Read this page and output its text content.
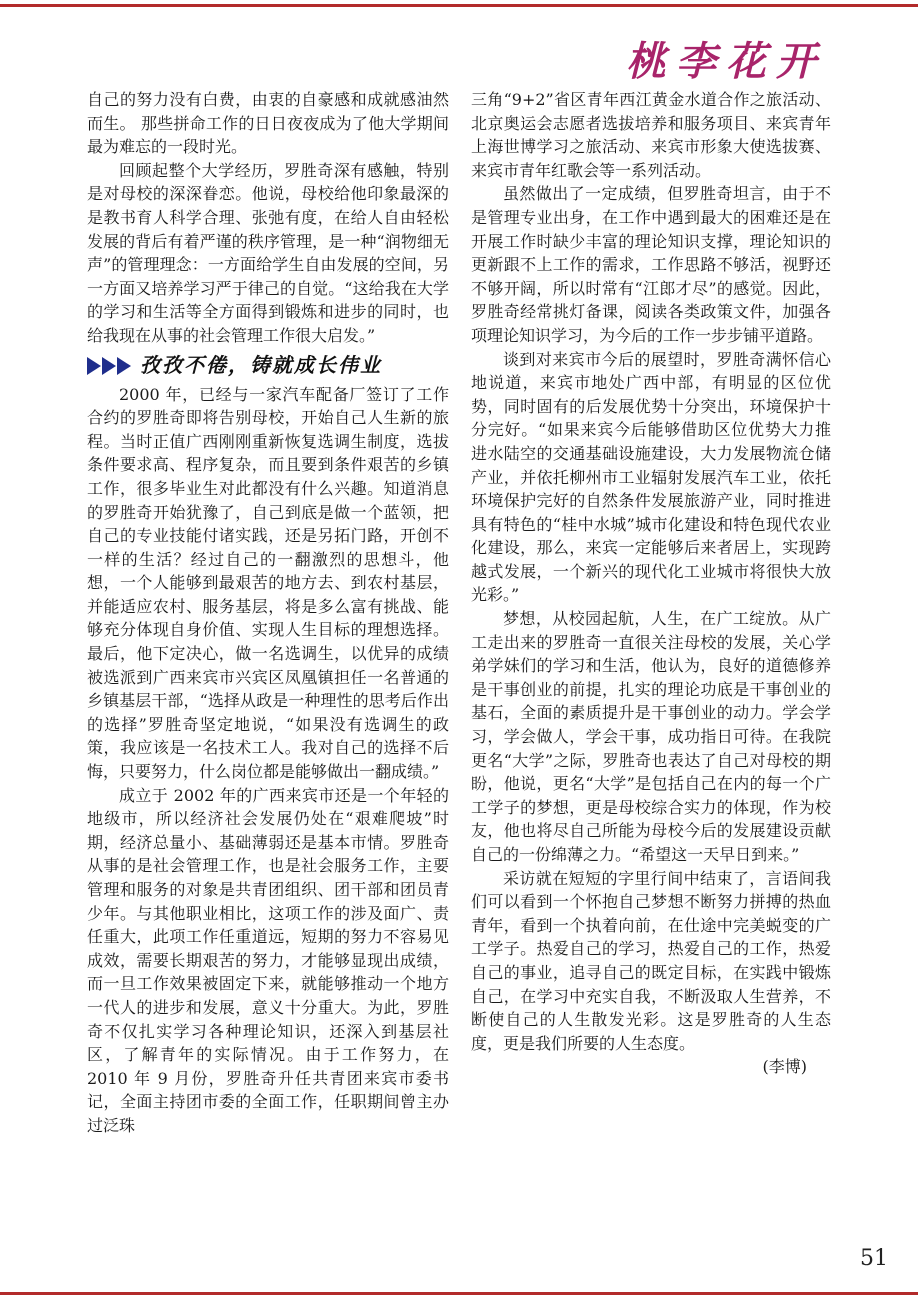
桃李花开

自己的努力没有白费，由衷的自豪感和成就感油然而生。 那些拼命工作的日日夜夜成为了他大学期间最为难忘的一段时光。

回顾起整个大学经历，罗胜奇深有感触，特别是对母校的深深眷恋。他说，母校给他印象最深的是教书育人科学合理、张弛有度，在给人自由轻松发展的背后有着严谨的秩序管理，是一种“润物细无声”的管理理念：一方面给学生自由发展的空间，另一方面又培养学习严于律己的自觉。“这给我在大学的学习和生活等全方面得到锻炼和进步的同时，也给我现在从事的社会管理工作很大启发。”

孜孜不倦，铸就成长伟业

2000 年，已经与一家汽车配备厂签订了工作合约的罗胜奇即将告别母校，开始自己人生新的旅程。当时正值广西刚刚重新恢复选调生制度，选拔条件要求高、程序复杂，而且要到条件艰苦的乡镇工作，很多毕业生对此都没有什么兴趣。知道消息的罗胜奇开始犹豫了，自己到底是做一个蓝领，把自己的专业技能付诸实践，还是另拓门路，开创不一样的生活？经过自己的一翻激烈的思想斗，他想，一个人能够到最艰苦的地方去、到农村基层，并能适应农村、服务基层，将是多么富有挑战、能够充分体现自身价值、实现人生目标的理想选择。最后，他下定决心，做一名选调生，以优异的成绩被选派到广西来宾市兴宾区凤凰镇担任一名普通的乡镇基层干部，“选择从政是一种理性的思考后作出的选择”罗胜奇坚定地说，“如果没有选调生的政策，我应该是一名技术工人。我对自己的选择不后悔，只要努力，什么岗位都是能够做出一翻成绩。”

成立于 2002 年的广西来宾市还是一个年轻的地级市，所以经济社会发展仍处在“艰难爬坡”时期，经济总量小、基础薄弱还是基本市情。罗胜奇从事的是社会管理工作，也是社会服务工作，主要管理和服务的对象是共青团组织、团干部和团员青少年。与其他职业相比，这项工作的涉及面广、责任重大，此项工作任重道远，短期的努力不容易见成效，需要长期艰苦的努力，才能够显现出成绩，而一旦工作效果被固定下来，就能够推动一个地方一代人的进步和发展，意义十分重大。为此，罗胜奇不仅扎实学习各种理论知识，还深入到基层社区，了解青年的实际情况。由于工作努力，在 2010 年 9 月份，罗胜奇升任共青团来宾市委书记，全面主持团市委的全面工作，任职期间曾主办过泛珠

三角“9+2”省区青年西江黄金水道合作之旅活动、北京奥运会志愿者选拔培养和服务项目、来宾青年上海世博学习之旅活动、来宾市形象大使选拔赛、来宾市青年红歌会等一系列活动。

虽然做出了一定成绩，但罗胜奇坦言，由于不是管理专业出身，在工作中遇到最大的困难还是在开展工作时缺少丰富的理论知识支撑，理论知识的更新跟不上工作的需求，工作思路不够活，视野还不够开阔，所以时常有“江郎才尽”的感觉。因此，罗胜奇经常挑灯备课，阅读各类政策文件，加强各项理论知识学习，为今后的工作一步步铺平道路。

谈到对来宾市今后的展望时，罗胜奇满怀信心地说道，来宾市地处广西中部，有明显的区位优势，同时固有的后发展优势十分突出，环境保护十分完好。“如果来宾今后能够借助区位优势大力推进水陆空的交通基础设施建设，大力发展物流仓储产业，并依托柳州市工业辐射发展汽车工业，依托环境保护完好的自然条件发展旅游产业，同时推进具有特色的“桂中水城”城市化建设和特色现代农业化建设，那么，来宾一定能够后来者居上，实现跨越式发展，一个新兴的现代化工业城市将很快大放光彩。”

梦想，从校园起航，人生，在广工绽放。从广工走出来的罗胜奇一直很关注母校的发展，关心学弟学妹们的学习和生活，他认为，良好的道德修养是干事创业的前提，扎实的理论功底是干事创业的基石，全面的素质提升是干事创业的动力。学会学习，学会做人，学会干事，成功指日可待。在我院更名“大学”之际，罗胜奇也表达了自己对母校的期盼，他说，更名“大学”是包括自己在内的每一个广工学子的梦想，更是母校综合实力的体现，作为校友，他也将尽自己所能为母校今后的发展建设贡献自己的一份绵薄之力。“希望这一天早日到来。”

采访就在短短的字里行间中结束了，言语间我们可以看到一个怀抱自己梦想不断努力拼搏的热血青年，看到一个执着向前，在仕途中完美蜕变的广工学子。热爱自己的学习，热爱自己的工作，热爱自己的事业，追寻自己的既定目标，在实践中锻炼自己，在学习中充实自我，不断汲取人生营养，不断使自己的人生散发光彩。这是罗胜奇的人生态度，更是我们所要的人生态度。

(李博)

51
